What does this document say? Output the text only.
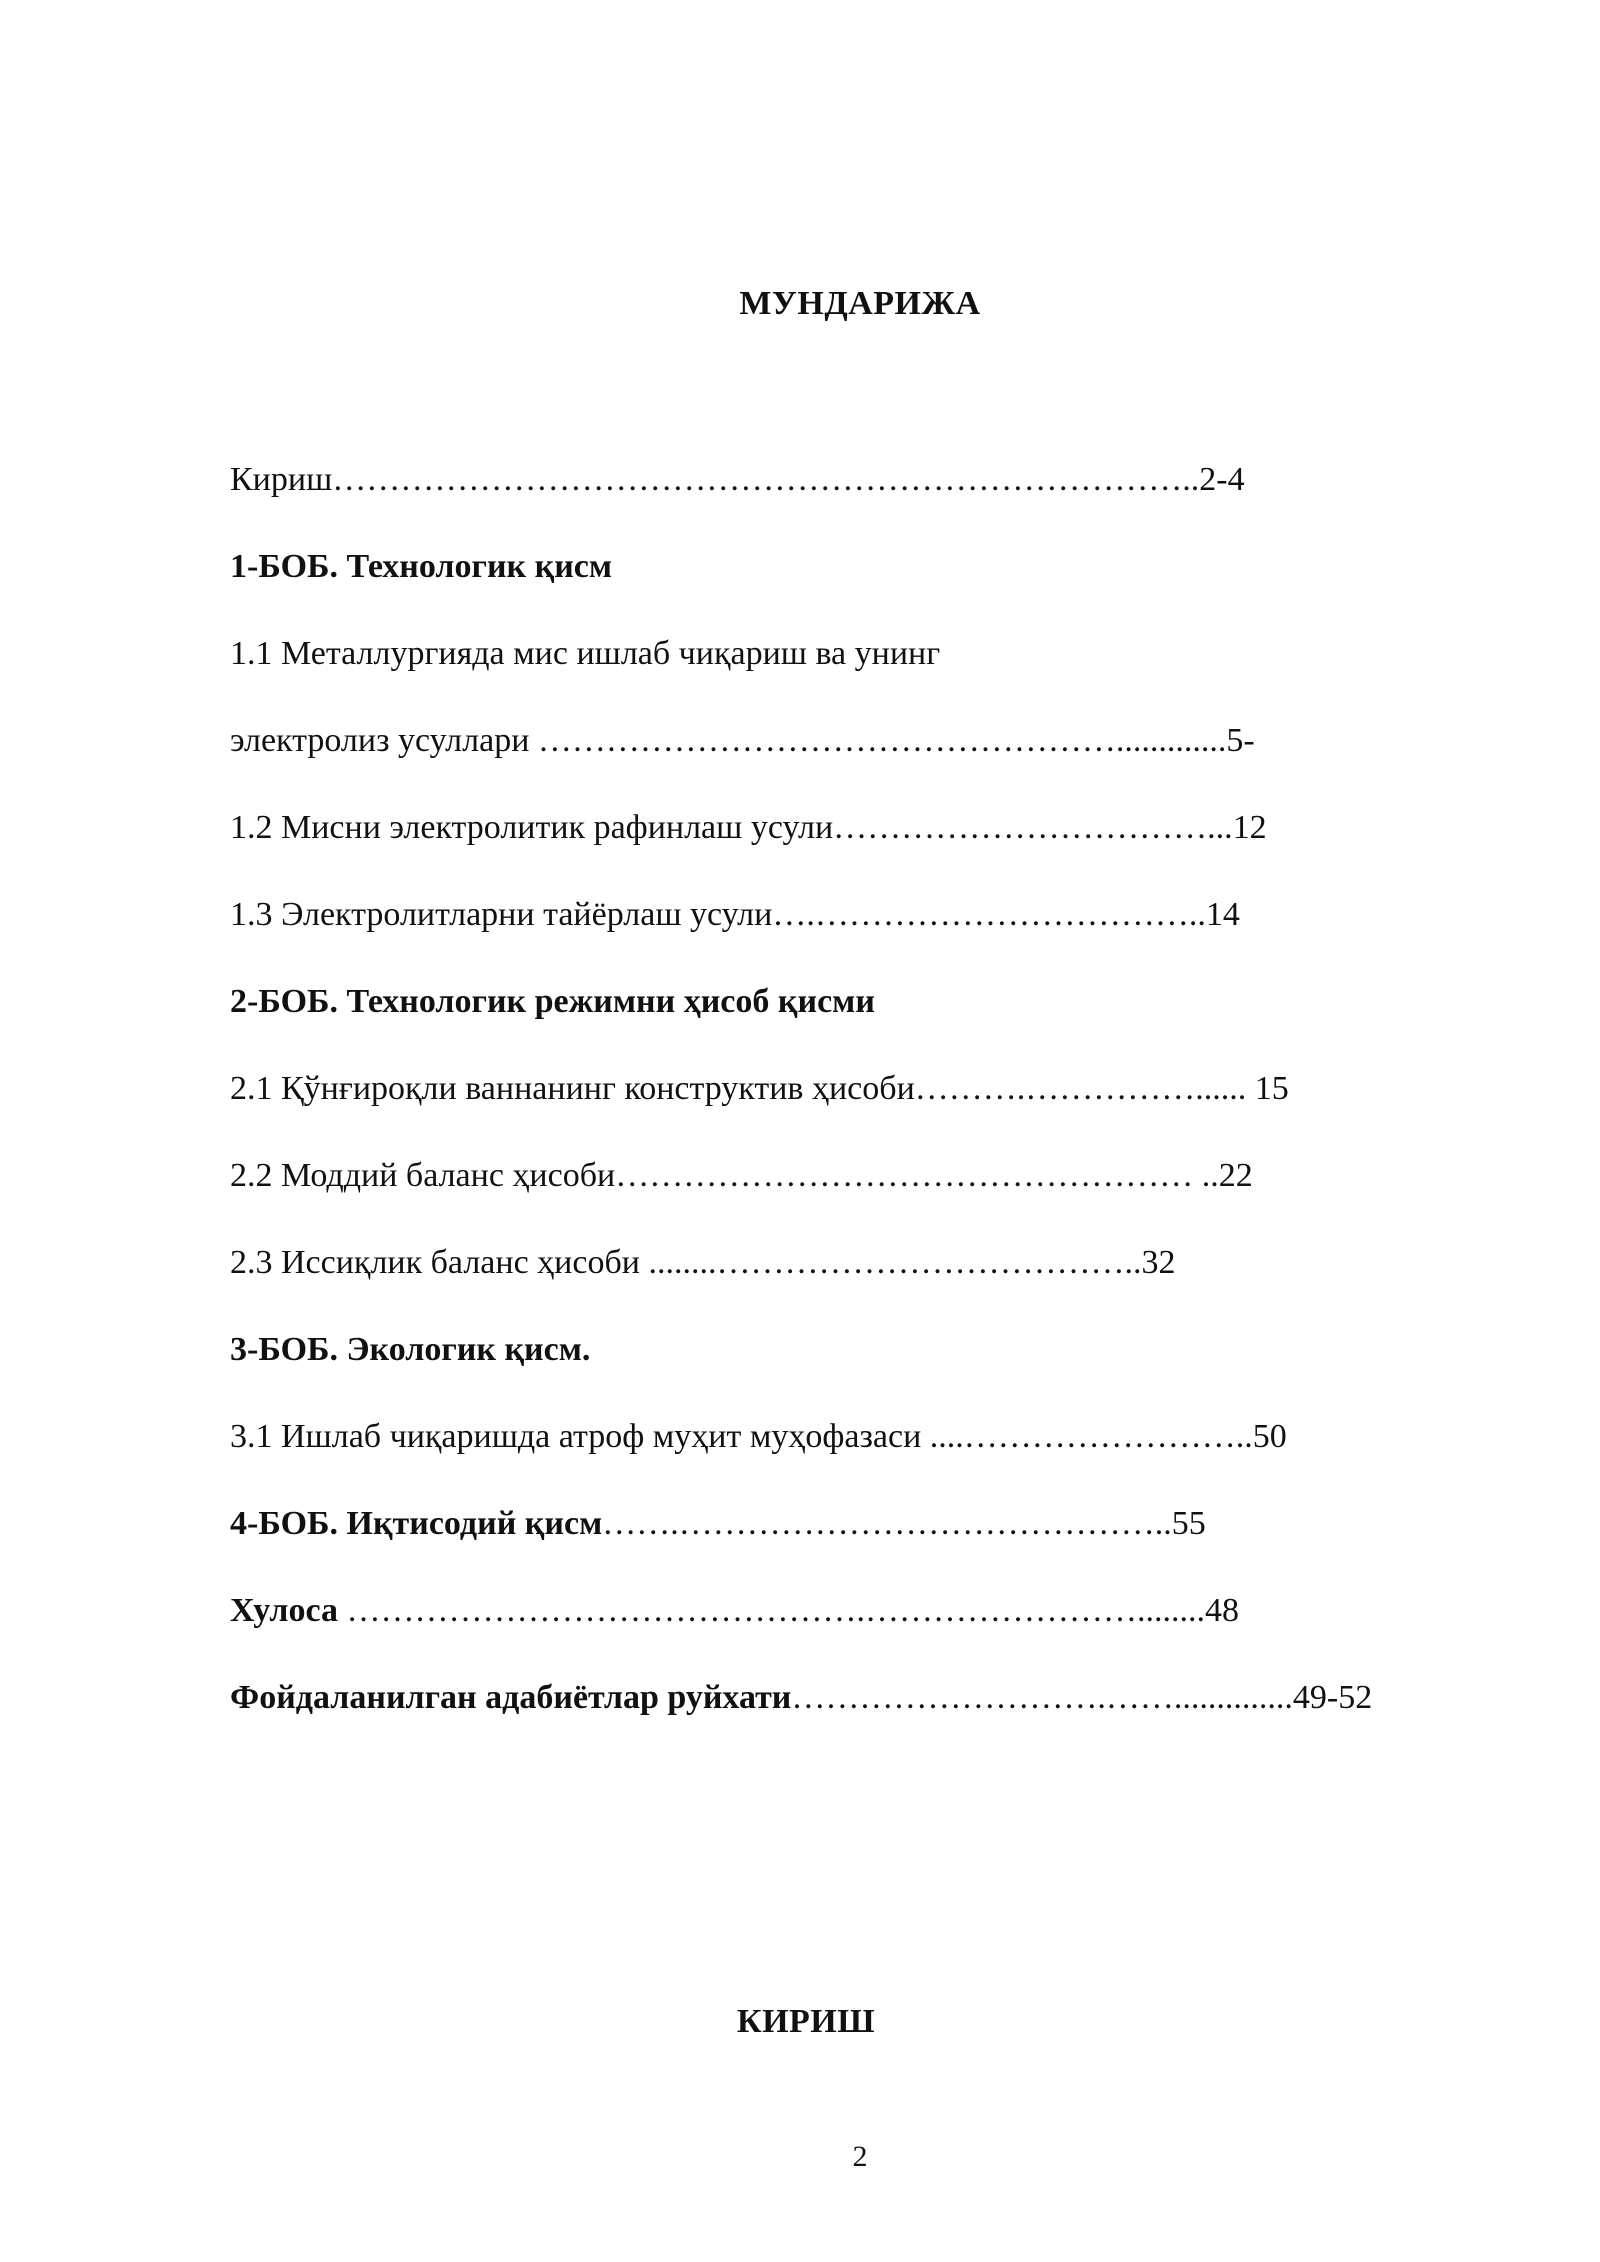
МУНДАРИЖА
Кириш…………………………………………………………………..2-4
1-БОБ. Технологик қисм
1.1 Металлургияда мис ишлаб чиқариш ва унинг
электролиз усуллари …………………………………………….............5-
1.2 Мисни электролитик рафинлаш усули……………………………...12
1.3 Электролитларни тайёрлаш усули….……………………………..14
2-БОБ. Технологик режимни ҳисоб қисми
2.1 Қўнғироқли ваннанинг конструктив ҳисоби……….……………...... 15
2.2 Моддий баланс ҳисоби…………………………………………… ..22
2.3 Иссиқлик баланс ҳисоби ........………………………………..32
3-БОБ. Экологик қисм.
3.1 Ишлаб чиқаришда атроф муҳит муҳофазаси ....……………………..50
4-БОБ. Иқтисодий қисм…….……………………………………..55
Хулоса ……………………………………….……………………........48
Фойдаланилган адабиётлар руйхати……………………….……..............49-52
КИРИШ
2
